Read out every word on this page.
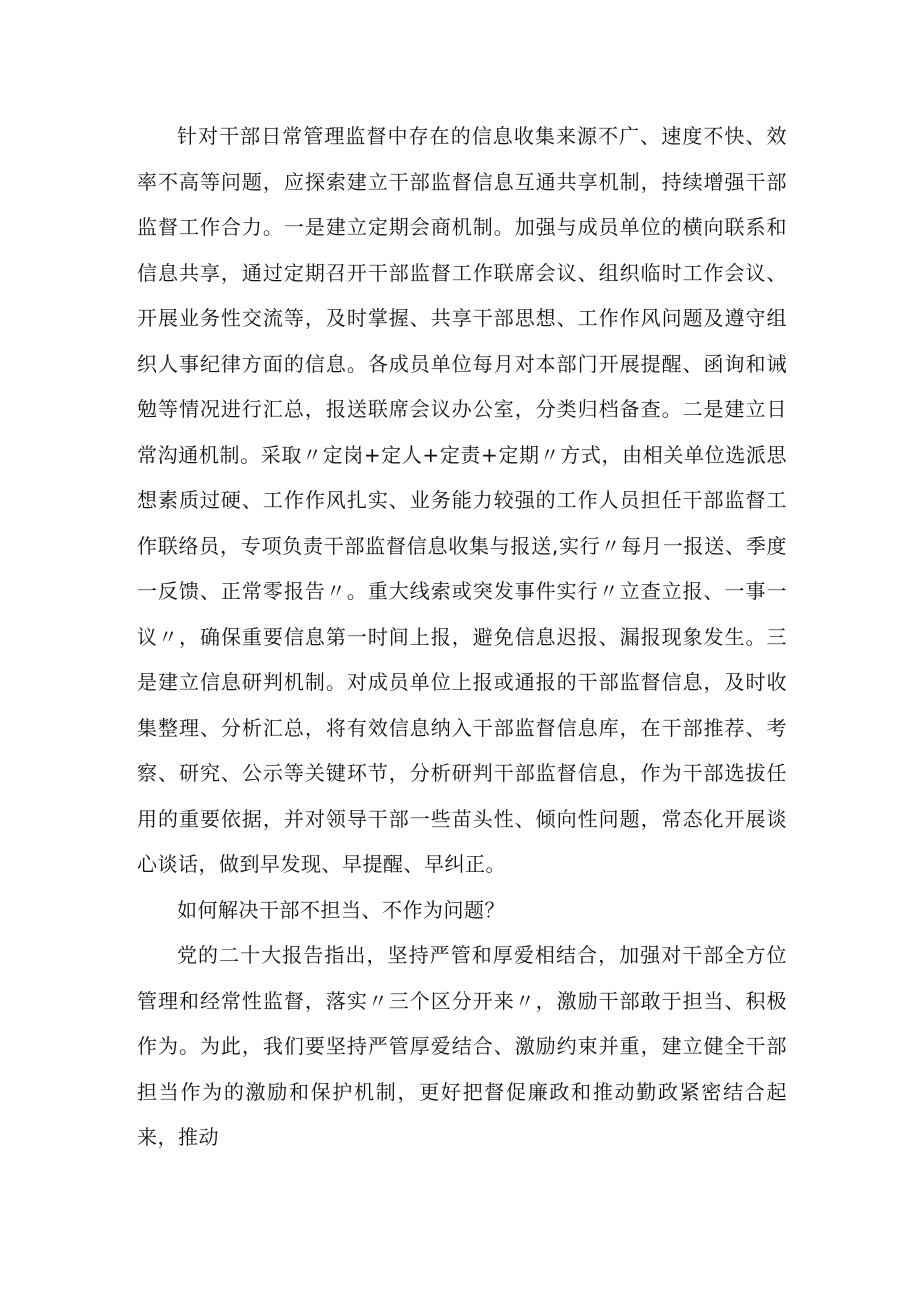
针对干部日常管理监督中存在的信息收集来源不广、速度不快、效率不高等问题，应探索建立干部监督信息互通共享机制，持续增强干部监督工作合力。一是建立定期会商机制。加强与成员单位的横向联系和信息共享，通过定期召开干部监督工作联席会议、组织临时工作会议、开展业务性交流等，及时掌握、共享干部思想、工作作风问题及遵守组织人事纪律方面的信息。各成员单位每月对本部门开展提醒、函询和诫勉等情况进行汇总，报送联席会议办公室，分类归档备查。二是建立日常沟通机制。采取〃定岗+定人+定责+定期〃方式，由相关单位选派思想素质过硬、工作作风扎实、业务能力较强的工作人员担任干部监督工作联络员，专项负责干部监督信息收集与报送,实行〃每月一报送、季度一反馈、正常零报告〃。重大线索或突发事件实行〃立查立报、一事一议〃，确保重要信息第一时间上报，避免信息迟报、漏报现象发生。三是建立信息研判机制。对成员单位上报或通报的干部监督信息，及时收集整理、分析汇总，将有效信息纳入干部监督信息库，在干部推荐、考察、研究、公示等关键环节，分析研判干部监督信息，作为干部选拔任用的重要依据，并对领导干部一些苗头性、倾向性问题，常态化开展谈心谈话，做到早发现、早提醒、早纠正。

如何解决干部不担当、不作为问题？

党的二十大报告指出，坚持严管和厚爱相结合，加强对干部全方位管理和经常性监督，落实〃三个区分开来〃，激励干部敢于担当、积极作为。为此，我们要坚持严管厚爱结合、激励约束并重，建立健全干部担当作为的激励和保护机制，更好把督促廉政和推动勤政紧密结合起来，推动
